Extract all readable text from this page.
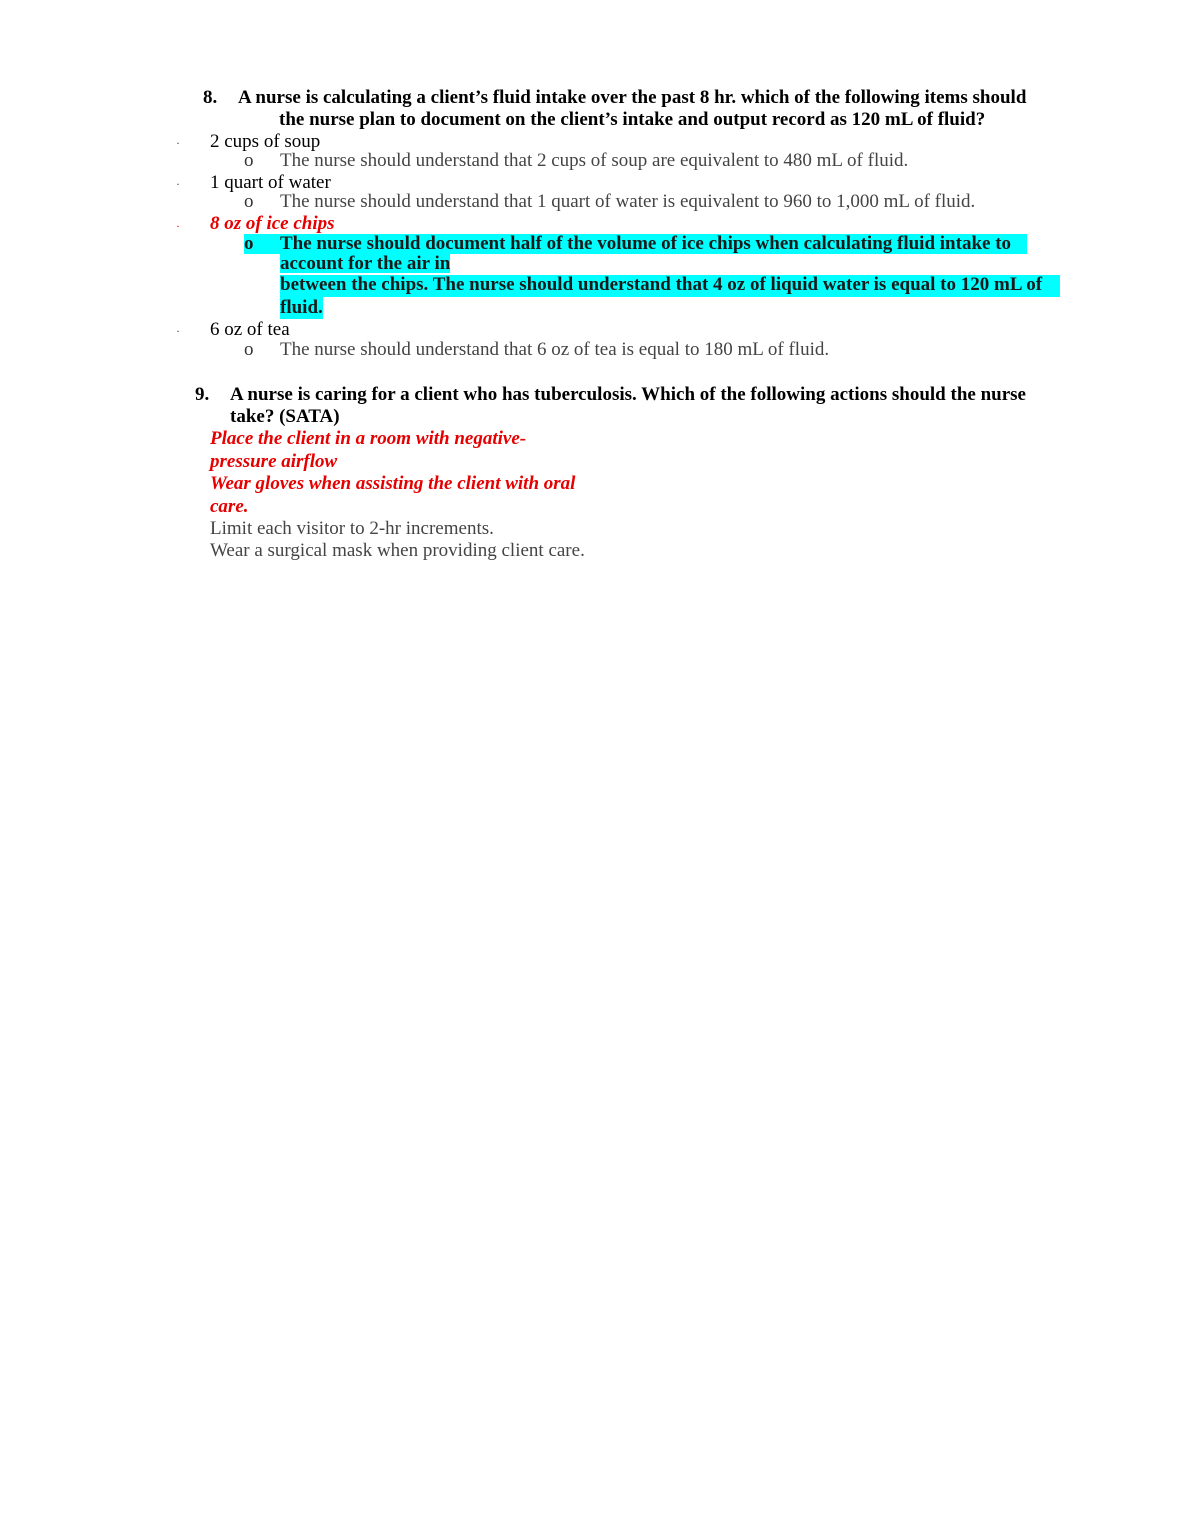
8. A nurse is calculating a client’s fluid intake over the past 8 hr. which of the following items should
the nurse plan to document on the client’s intake and output record as 120 mL of fluid?
· 2 cups of soup
o The nurse should understand that 2 cups of soup are equivalent to 480 mL of fluid.
· 1 quart of water
o The nurse should understand that 1 quart of water is equivalent to 960 to 1,000 mL of fluid.
· 8 oz of ice chips
o The nurse should document half of the volume of ice chips when calculating fluid intake to
account for the air in
between the chips. The nurse should understand that 4 oz of liquid water is equal to 120 mL of
fluid.
· 6 oz of tea
o The nurse should understand that 6 oz of tea is equal to 180 mL of fluid.
9. A nurse is caring for a client who has tuberculosis. Which of the following actions should the nurse
take? (SATA)
Place the client in a room with negative-
pressure airflow
Wear gloves when assisting the client with oral
care.
Limit each visitor to 2-hr increments.
Wear a surgical mask when providing client care.
